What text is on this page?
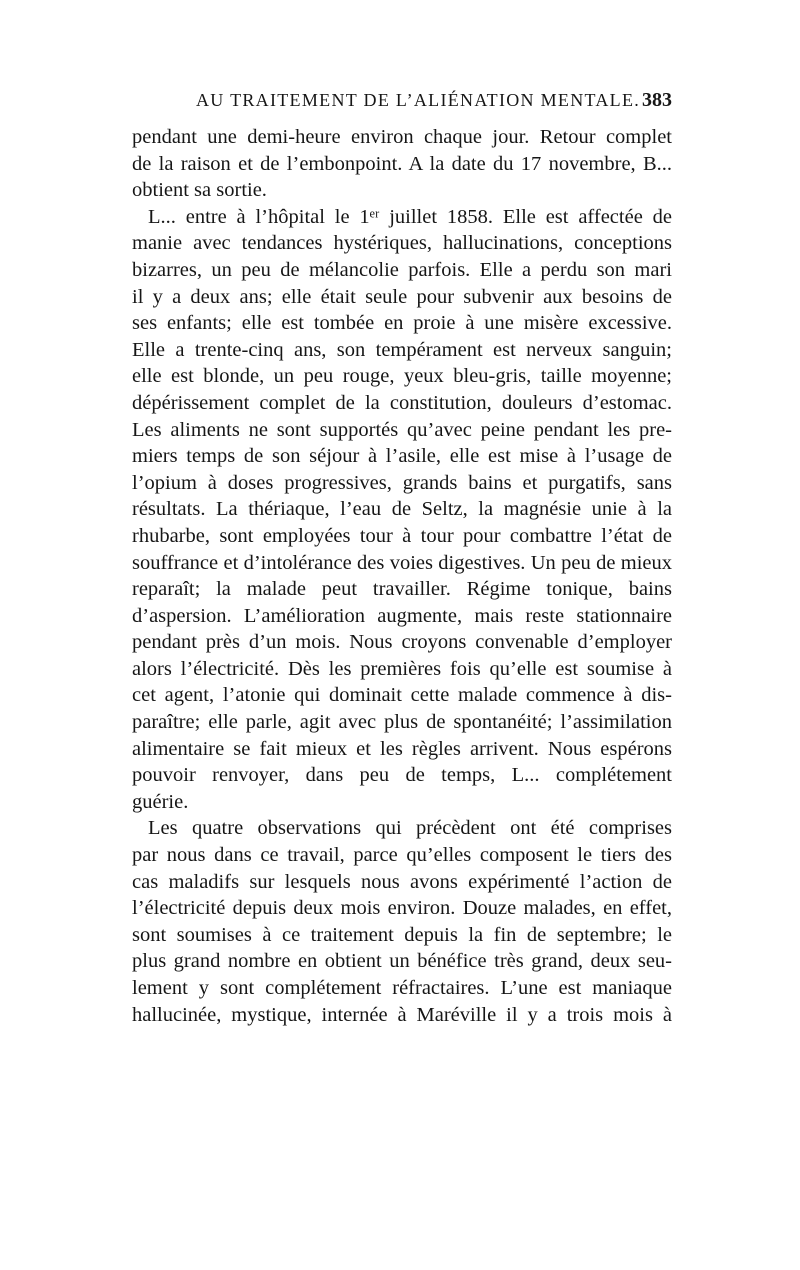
AU TRAITEMENT DE L’ALIÉNATION MENTALE. 383
pendant une demi-heure environ chaque jour. Retour complet
de la raison et de l’embonpoint. A la date du 17 novembre, B...
obtient sa sortie.
L... entre à l’hôpital le 1ᵉʳ juillet 1858. Elle est affectée de
manie avec tendances hystériques, hallucinations, conceptions
bizarres, un peu de mélancolie parfois. Elle a perdu son mari
il y a deux ans; elle était seule pour subvenir aux besoins de
ses enfants; elle est tombée en proie à une misère excessive.
Elle a trente-cinq ans, son tempérament est nerveux sanguin;
elle est blonde, un peu rouge, yeux bleu-gris, taille moyenne;
dépérissement complet de la constitution, douleurs d’estomac.
Les aliments ne sont supportés qu’avec peine pendant les pre-
miers temps de son séjour à l’asile, elle est mise à l’usage de
l’opium à doses progressives, grands bains et purgatifs, sans
résultats. La thériaque, l’eau de Seltz, la magnésie unie à la
rhubarbe, sont employées tour à tour pour combattre l’état de
souffrance et d’intolérance des voies digestives. Un peu de mieux
reparaît; la malade peut travailler. Régime tonique, bains
d’aspersion. L’amélioration augmente, mais reste stationnaire
pendant près d’un mois. Nous croyons convenable d’employer
alors l’électricité. Dès les premières fois qu’elle est soumise à
cet agent, l’atonie qui dominait cette malade commence à dis-
paraître; elle parle, agit avec plus de spontanéité; l’assimilation
alimentaire se fait mieux et les règles arrivent. Nous espérons
pouvoir renvoyer, dans peu de temps, L... complétement
guérie.
Les quatre observations qui précèdent ont été comprises
par nous dans ce travail, parce qu’elles composent le tiers des
cas maladifs sur lesquels nous avons expérimenté l’action de
l’électricité depuis deux mois environ. Douze malades, en effet,
sont soumises à ce traitement depuis la fin de septembre; le
plus grand nombre en obtient un bénéfice très grand, deux seu-
lement y sont complétement réfractaires. L’une est maniaque
hallucinée, mystique, internée à Maréville il y a trois mois à
